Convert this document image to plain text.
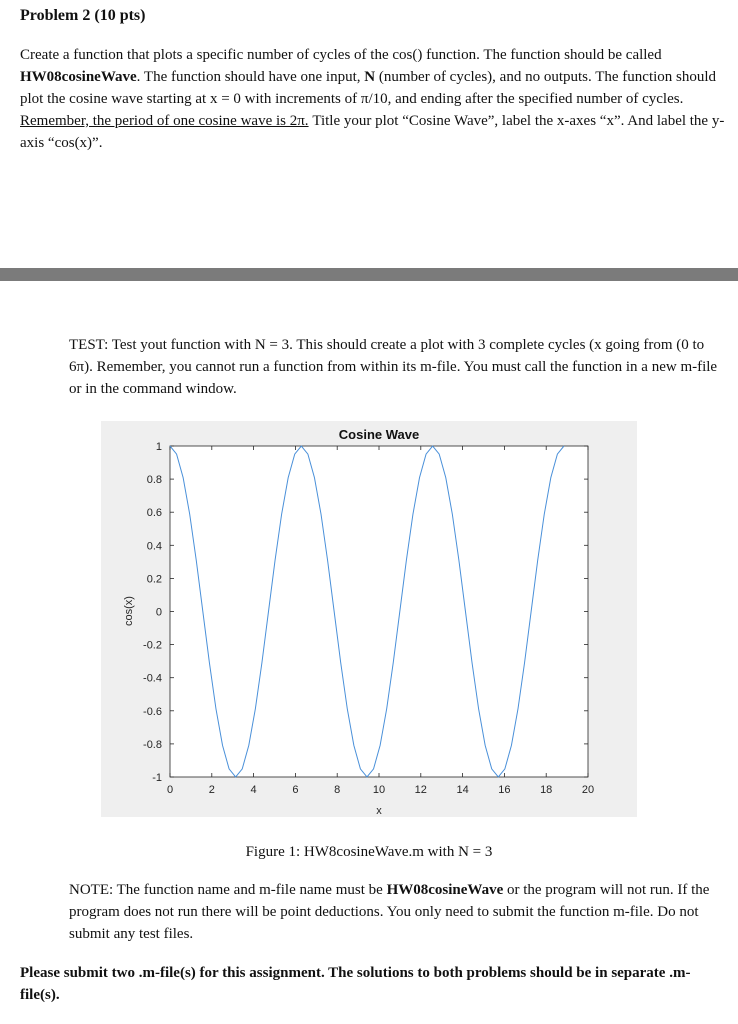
Problem 2 (10 pts)

Create a function that plots a specific number of cycles of the cos() function. The function should be called HW08cosineWave. The function should have one input, N (number of cycles), and no outputs. The function should plot the cosine wave starting at x = 0 with increments of π/10, and ending after the specified number of cycles. Remember, the period of one cosine wave is 2π. Title your plot “Cosine Wave”, label the x-axes “x”. And label the y-axis “cos(x)”.

TEST: Test yout function with N = 3. This should create a plot with 3 complete cycles (x going from (0 to 6π). Remember, you cannot run a function from within its m-file. You must call the function in a new m-file or in the command window.

Cosine Wave
x
cos(x)
0	2	4	6	8	10	12	14	16	18	20
1
0.8
0.6
0.4
0.2
0
-0.2
-0.4
-0.6
-0.8
-1

Figure 1: HW8cosineWave.m with N = 3

NOTE: The function name and m-file name must be HW08cosineWave or the program will not run. If the program does not run there will be point deductions. You only need to submit the function m-file. Do not submit any test files.

Please submit two .m-file(s) for this assignment. The solutions to both problems should be in separate .m-file(s).
